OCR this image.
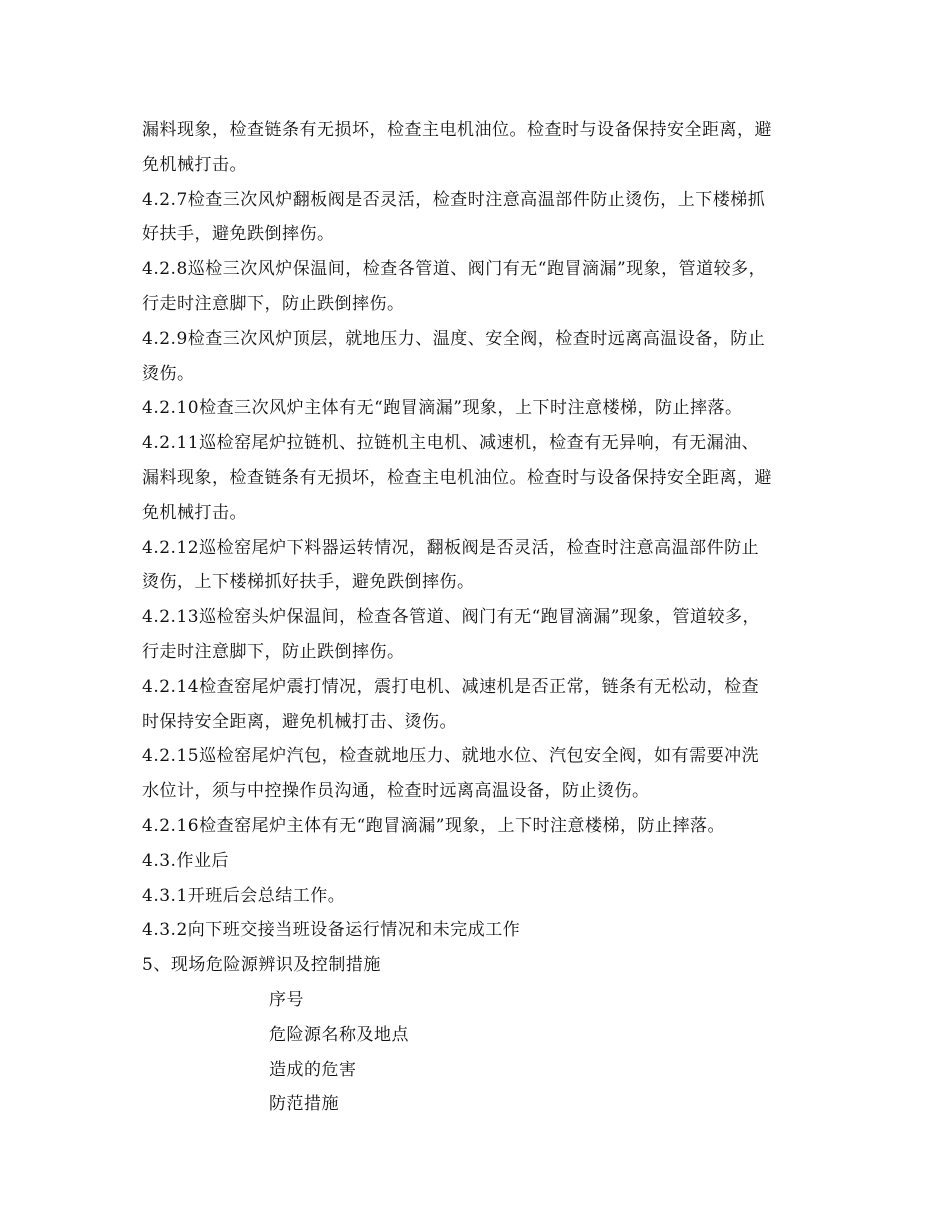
漏料现象，检查链条有无损坏，检查主电机油位。检查时与设备保持安全距离，避
免机械打击。
4.2.7检查三次风炉翻板阀是否灵活，检查时注意高温部件防止烫伤，上下楼梯抓
好扶手，避免跌倒摔伤。
4.2.8巡检三次风炉保温间，检查各管道、阀门有无“跑冒滴漏”现象，管道较多，
行走时注意脚下，防止跌倒摔伤。
4.2.9检查三次风炉顶层，就地压力、温度、安全阀，检查时远离高温设备，防止
烫伤。
4.2.10检查三次风炉主体有无“跑冒滴漏”现象，上下时注意楼梯，防止摔落。
4.2.11巡检窑尾炉拉链机、拉链机主电机、减速机，检查有无异响，有无漏油、
漏料现象，检查链条有无损坏，检查主电机油位。检查时与设备保持安全距离，避
免机械打击。
4.2.12巡检窑尾炉下料器运转情况，翻板阀是否灵活，检查时注意高温部件防止
烫伤，上下楼梯抓好扶手，避免跌倒摔伤。
4.2.13巡检窑头炉保温间，检查各管道、阀门有无“跑冒滴漏”现象，管道较多，
行走时注意脚下，防止跌倒摔伤。
4.2.14检查窑尾炉震打情况，震打电机、减速机是否正常，链条有无松动，检查
时保持安全距离，避免机械打击、烫伤。
4.2.15巡检窑尾炉汽包，检查就地压力、就地水位、汽包安全阀，如有需要冲洗
水位计，须与中控操作员沟通，检查时远离高温设备，防止烫伤。
4.2.16检查窑尾炉主体有无“跑冒滴漏”现象，上下时注意楼梯，防止摔落。
4.3.作业后
4.3.1开班后会总结工作。
4.3.2向下班交接当班设备运行情况和未完成工作
5、现场危险源辨识及控制措施
序号
危险源名称及地点
造成的危害
防范措施
